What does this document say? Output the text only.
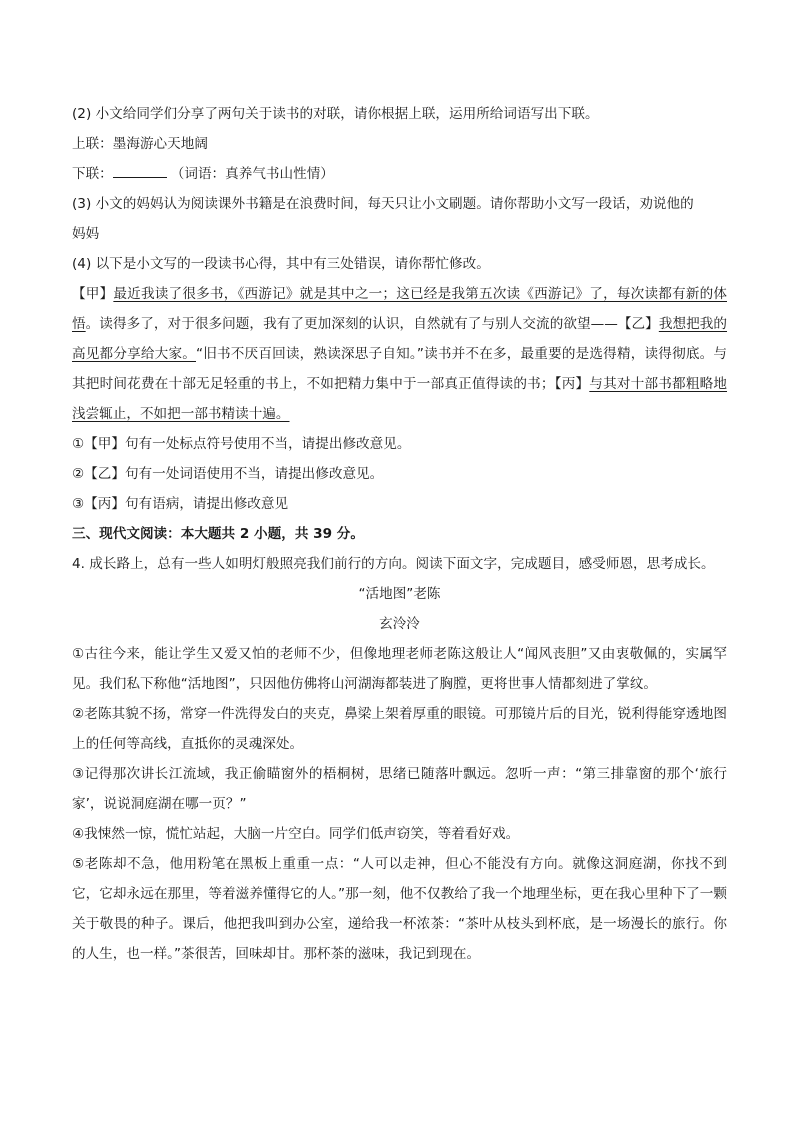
(2) 小文给同学们分享了两句关于读书的对联，请你根据上联，运用所给词语写出下联。

上联：墨海游心天地阔

下联：	（词语：真养气书山性情）

(3) 小文的妈妈认为阅读课外书籍是在浪费时间，每天只让小文刷题。请你帮助小文写一段话，劝说他的

妈妈

(4) 以下是小文写的一段读书心得，其中有三处错误，请你帮忙修改。

【甲】最近我读了很多书，《西游记》就是其中之一；这已经是我第五次读《西游记》了，每次读都有新的体悟。读得多了，对于很多问题，我有了更加深刻的认识，自然就有了与别人交流的欲望——【乙】我想把我的高见都分享给大家。“旧书不厌百回读，熟读深思子自知。”读书并不在多，最重要的是选得精，读得彻底。与其把时间花费在十部无足轻重的书上，不如把精力集中于一部真正值得读的书；【丙】与其对十部书都粗略地浅尝辄止，不如把一部书精读十遍。

①【甲】句有一处标点符号使用不当，请提出修改意见。

②【乙】句有一处词语使用不当，请提出修改意见。

③【丙】句有语病，请提出修改意见

三、现代文阅读：本大题共 2 小题，共 39 分。

4. 成长路上，总有一些人如明灯般照亮我们前行的方向。阅读下面文字，完成题目，感受师恩，思考成长。

“活地图”老陈

玄泠泠

①古往今来，能让学生又爱又怕的老师不少，但像地理老师老陈这般让人“闻风丧胆”又由衷敬佩的，实属罕见。我们私下称他“活地图”，只因他仿佛将山河湖海都装进了胸膛，更将世事人情都刻进了掌纹。

②老陈其貌不扬，常穿一件洗得发白的夹克，鼻梁上架着厚重的眼镜。可那镜片后的目光，锐利得能穿透地图上的任何等高线，直抵你的灵魂深处。

③记得那次讲长江流域，我正偷瞄窗外的梧桐树，思绪已随落叶飘远。忽听一声：“第三排靠窗的那个‘旅行家’，说说洞庭湖在哪一页？”

④我悚然一惊，慌忙站起，大脑一片空白。同学们低声窃笑，等着看好戏。

⑤老陈却不急，他用粉笔在黑板上重重一点：“人可以走神，但心不能没有方向。就像这洞庭湖，你找不到它，它却永远在那里，等着滋养懂得它的人。”那一刻，他不仅教给了我一个地理坐标，更在我心里种下了一颗关于敬畏的种子。课后，他把我叫到办公室，递给我一杯浓茶：“茶叶从枝头到杯底，是一场漫长的旅行。你的人生，也一样。”茶很苦，回味却甘。那杯茶的滋味，我记到现在。
